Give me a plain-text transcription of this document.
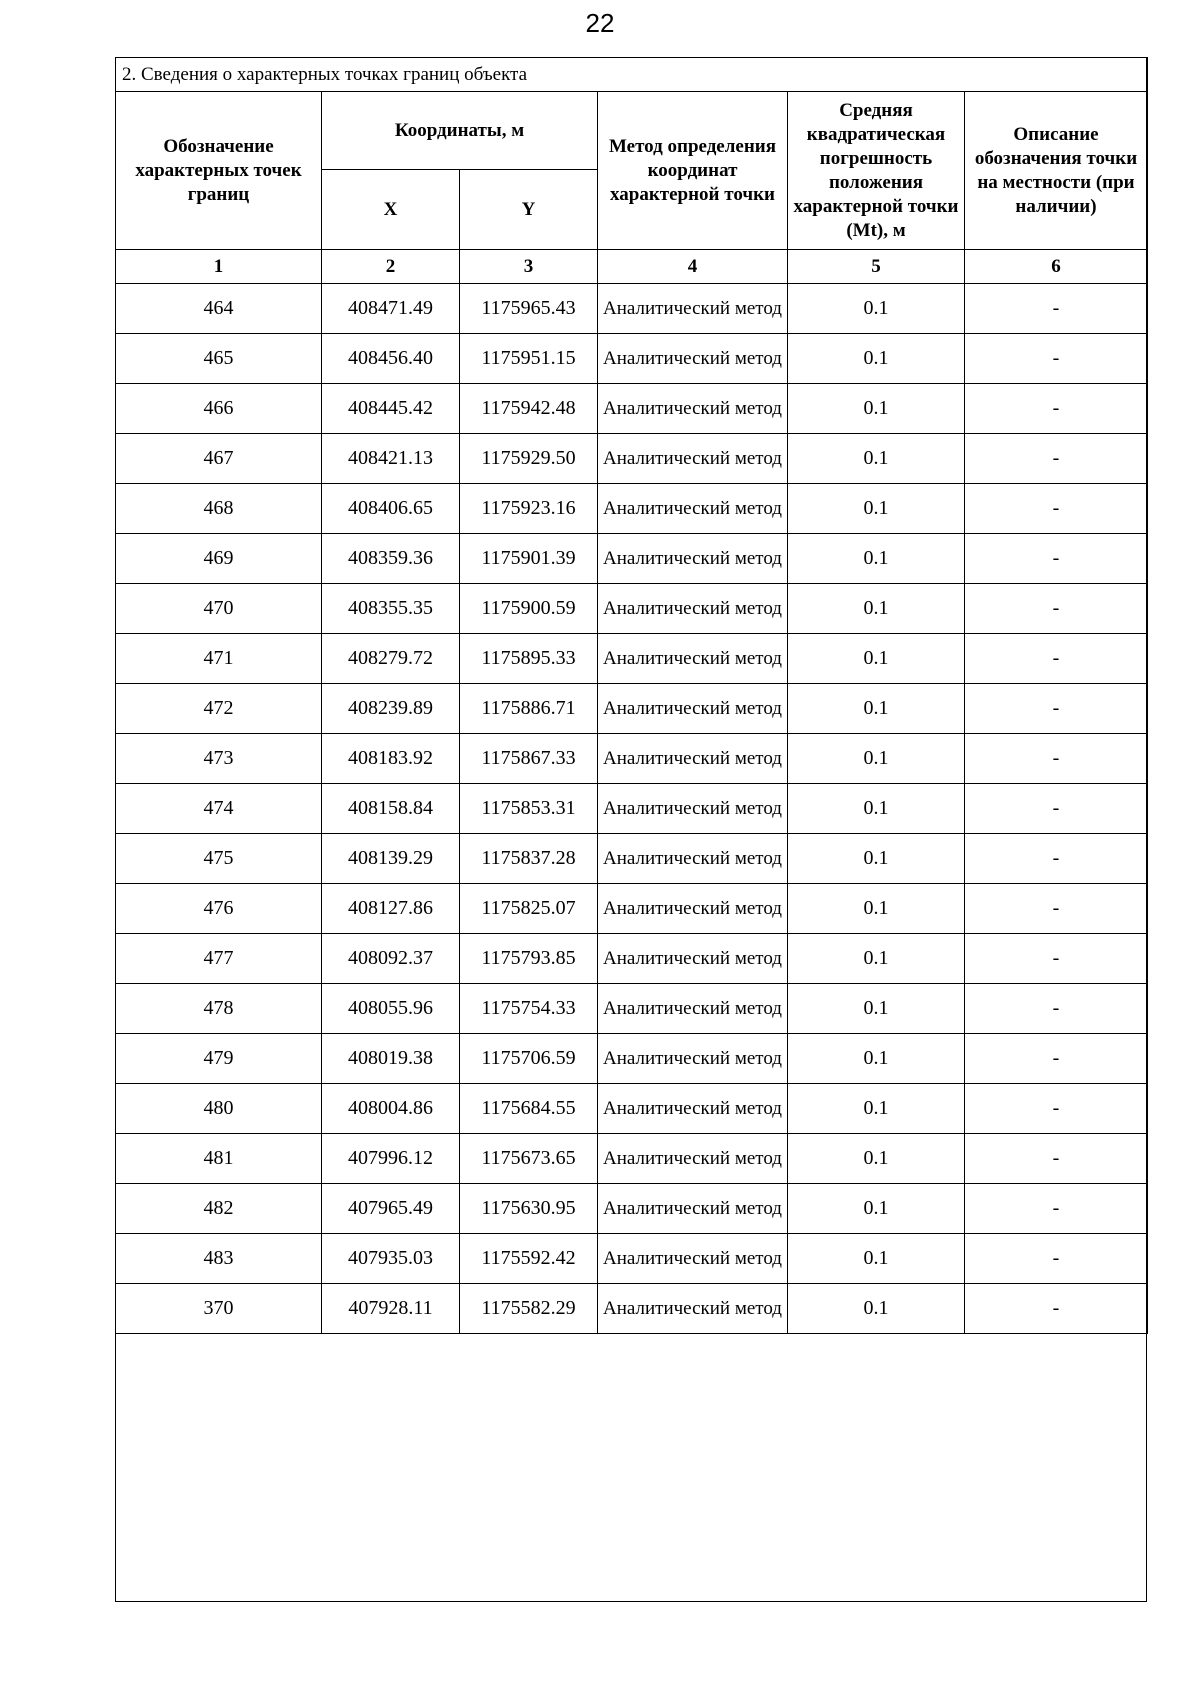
22
2. Сведения о характерных точках границ объекта					
Обозначение характерных точек границ	Координаты, м		Метод определения координат характерной точки	Средняя квадратическая погрешность положения характерной точки (Mt), м	Описание обозначения точки на местности (при наличии)
	X	Y			
1	2	3	4	5	6
464	408471.49	1175965.43	Аналитический метод	0.1	-
465	408456.40	1175951.15	Аналитический метод	0.1	-
466	408445.42	1175942.48	Аналитический метод	0.1	-
467	408421.13	1175929.50	Аналитический метод	0.1	-
468	408406.65	1175923.16	Аналитический метод	0.1	-
469	408359.36	1175901.39	Аналитический метод	0.1	-
470	408355.35	1175900.59	Аналитический метод	0.1	-
471	408279.72	1175895.33	Аналитический метод	0.1	-
472	408239.89	1175886.71	Аналитический метод	0.1	-
473	408183.92	1175867.33	Аналитический метод	0.1	-
474	408158.84	1175853.31	Аналитический метод	0.1	-
475	408139.29	1175837.28	Аналитический метод	0.1	-
476	408127.86	1175825.07	Аналитический метод	0.1	-
477	408092.37	1175793.85	Аналитический метод	0.1	-
478	408055.96	1175754.33	Аналитический метод	0.1	-
479	408019.38	1175706.59	Аналитический метод	0.1	-
480	408004.86	1175684.55	Аналитический метод	0.1	-
481	407996.12	1175673.65	Аналитический метод	0.1	-
482	407965.49	1175630.95	Аналитический метод	0.1	-
483	407935.03	1175592.42	Аналитический метод	0.1	-
370	407928.11	1175582.29	Аналитический метод	0.1	-
